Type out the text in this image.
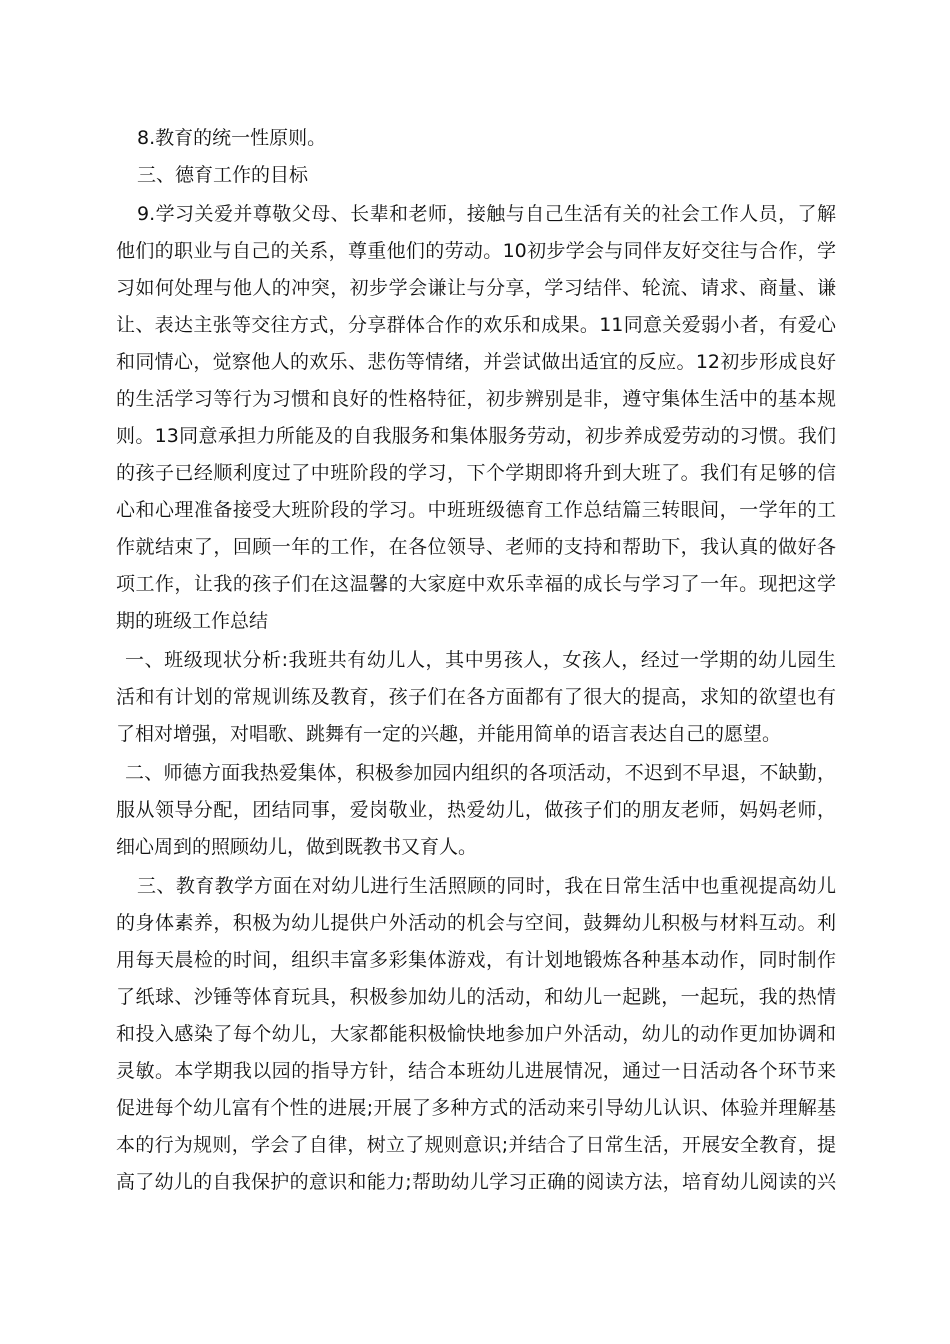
8.教育的统一性原则。
三、德育工作的目标
9.学习关爱并尊敬父母、长辈和老师，接触与自己生活有关的社会工作人员，了解
他们的职业与自己的关系，尊重他们的劳动。10初步学会与同伴友好交往与合作，学
习如何处理与他人的冲突，初步学会谦让与分享，学习结伴、轮流、请求、商量、谦
让、表达主张等交往方式，分享群体合作的欢乐和成果。11同意关爱弱小者，有爱心
和同情心，觉察他人的欢乐、悲伤等情绪，并尝试做出适宜的反应。12初步形成良好
的生活学习等行为习惯和良好的性格特征，初步辨别是非，遵守集体生活中的基本规
则。13同意承担力所能及的自我服务和集体服务劳动，初步养成爱劳动的习惯。我们
的孩子已经顺利度过了中班阶段的学习，下个学期即将升到大班了。我们有足够的信
心和心理准备接受大班阶段的学习。中班班级德育工作总结篇三转眼间，一学年的工
作就结束了，回顾一年的工作，在各位领导、老师的支持和帮助下，我认真的做好各
项工作，让我的孩子们在这温馨的大家庭中欢乐幸福的成长与学习了一年。现把这学
期的班级工作总结
一、班级现状分析:我班共有幼儿人，其中男孩人，女孩人，经过一学期的幼儿园生
活和有计划的常规训练及教育，孩子们在各方面都有了很大的提高，求知的欲望也有
了相对增强，对唱歌、跳舞有一定的兴趣，并能用简单的语言表达自己的愿望。
二、师德方面我热爱集体，积极参加园内组织的各项活动，不迟到不早退，不缺勤，
服从领导分配，团结同事，爱岗敬业，热爱幼儿，做孩子们的朋友老师，妈妈老师，
细心周到的照顾幼儿，做到既教书又育人。
三、教育教学方面在对幼儿进行生活照顾的同时，我在日常生活中也重视提高幼儿
的身体素养，积极为幼儿提供户外活动的机会与空间，鼓舞幼儿积极与材料互动。利
用每天晨检的时间，组织丰富多彩集体游戏，有计划地锻炼各种基本动作，同时制作
了纸球、沙锤等体育玩具，积极参加幼儿的活动，和幼儿一起跳，一起玩，我的热情
和投入感染了每个幼儿，大家都能积极愉快地参加户外活动，幼儿的动作更加协调和
灵敏。本学期我以园的指导方针，结合本班幼儿进展情况，通过一日活动各个环节来
促进每个幼儿富有个性的进展;开展了多种方式的活动来引导幼儿认识、体验并理解基
本的行为规则，学会了自律，树立了规则意识;并结合了日常生活，开展安全教育，提
高了幼儿的自我保护的意识和能力;帮助幼儿学习正确的阅读方法，培育幼儿阅读的兴
